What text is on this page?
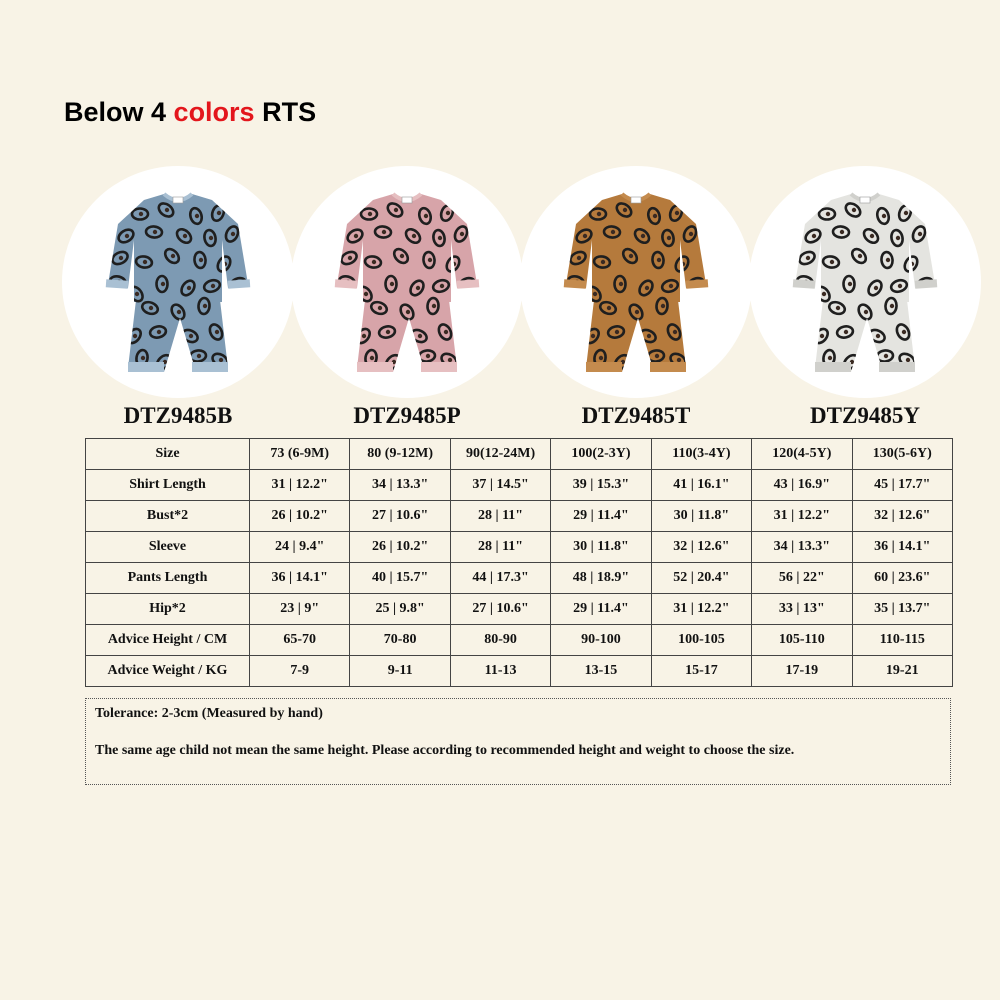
Below 4 colors RTS
DTZ9485B	DTZ9485P	DTZ9485T	DTZ9485Y
Size	73 (6-9M)	80 (9-12M)	90(12-24M)	100(2-3Y)	110(3-4Y)	120(4-5Y)	130(5-6Y)
Shirt Length	31 | 12.2"	34 | 13.3"	37 | 14.5"	39 | 15.3"	41 | 16.1"	43 | 16.9"	45 | 17.7"
Bust*2	26 | 10.2"	27 | 10.6"	28 | 11"	29 | 11.4"	30 | 11.8"	31 | 12.2"	32 | 12.6"
Sleeve	24 | 9.4"	26 | 10.2"	28 | 11"	30 | 11.8"	32 | 12.6"	34 | 13.3"	36 | 14.1"
Pants Length	36 | 14.1"	40 | 15.7"	44 | 17.3"	48 | 18.9"	52 | 20.4"	56 | 22"	60 | 23.6"
Hip*2	23 | 9"	25 | 9.8"	27 | 10.6"	29 | 11.4"	31 | 12.2"	33 | 13"	35 | 13.7"
Advice Height / CM	65-70	70-80	80-90	90-100	100-105	105-110	110-115
Advice Weight / KG	7-9	9-11	11-13	13-15	15-17	17-19	19-21

Tolerance: 2-3cm (Measured by hand)

The same age child not mean the same height. Please according to recommended height and weight to choose the size.
